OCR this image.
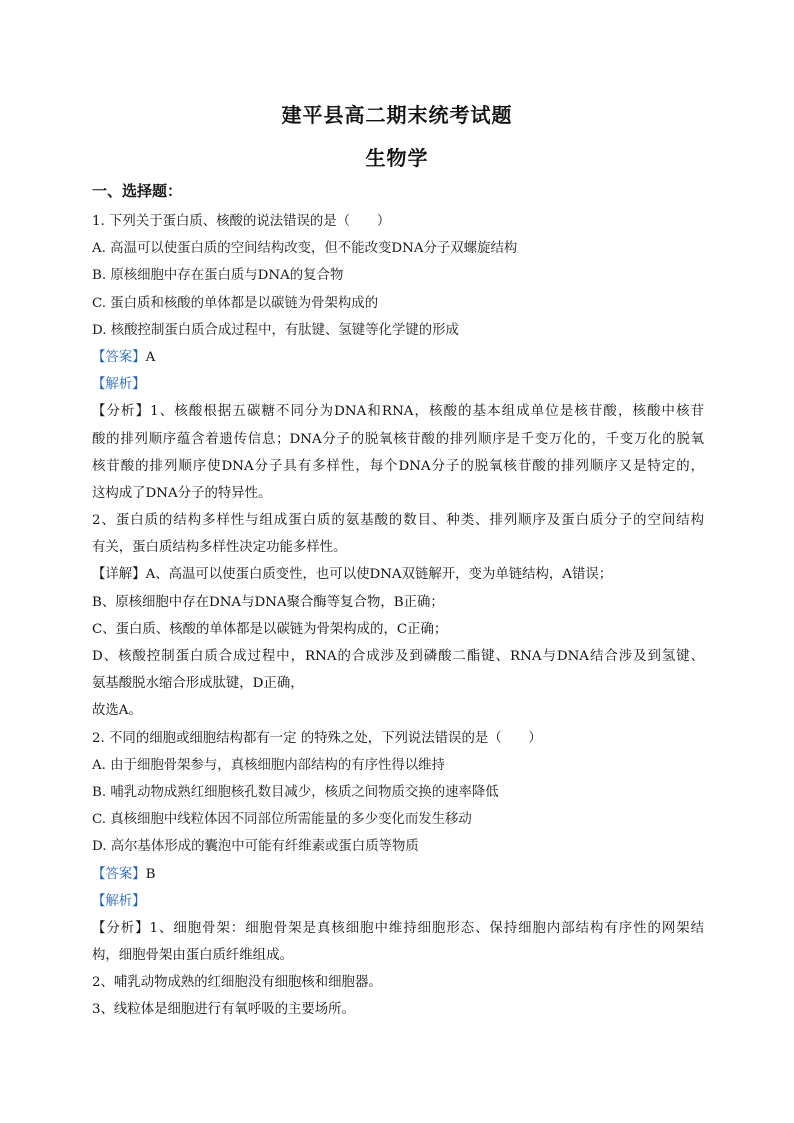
建平县高二期末统考试题
生物学
一、选择题：
1. 下列关于蛋白质、核酸的说法错误的是（　　）
A. 高温可以使蛋白质的空间结构改变，但不能改变DNA分子双螺旋结构
B. 原核细胞中存在蛋白质与DNA的复合物
C. 蛋白质和核酸的单体都是以碳链为骨架构成的
D. 核酸控制蛋白质合成过程中，有肽键、氢键等化学键的形成
【答案】A
【解析】
【分析】1、核酸根据五碳糖不同分为DNA和RNA，核酸的基本组成单位是核苷酸，核酸中核苷
酸的排列顺序蕴含着遗传信息；DNA分子的脱氧核苷酸的排列顺序是千变万化的，千变万化的脱氧
核苷酸的排列顺序使DNA分子具有多样性，每个DNA分子的脱氧核苷酸的排列顺序又是特定的，
这构成了DNA分子的特异性。
2、蛋白质的结构多样性与组成蛋白质的氨基酸的数目、种类、排列顺序及蛋白质分子的空间结构
有关，蛋白质结构多样性决定功能多样性。
【详解】A、高温可以使蛋白质变性，也可以使DNA双链解开，变为单链结构，A错误；
B、原核细胞中存在DNA与DNA聚合酶等复合物，B正确；
C、蛋白质、核酸的单体都是以碳链为骨架构成的，C正确；
D、核酸控制蛋白质合成过程中，RNA的合成涉及到磷酸二酯键、RNA与DNA结合涉及到氢键、
氨基酸脱水缩合形成肽键，D正确，
故选A。
2. 不同的细胞或细胞结构都有一定 的特殊之处，下列说法错误的是（　　）
A. 由于细胞骨架参与，真核细胞内部结构的有序性得以维持
B. 哺乳动物成熟红细胞核孔数目减少，核质之间物质交换的速率降低
C. 真核细胞中线粒体因不同部位所需能量的多少变化而发生移动
D. 高尔基体形成的囊泡中可能有纤维素或蛋白质等物质
【答案】B
【解析】
【分析】1、细胞骨架：细胞骨架是真核细胞中维持细胞形态、保持细胞内部结构有序性的网架结
构，细胞骨架由蛋白质纤维组成。
2、哺乳动物成熟的红细胞没有细胞核和细胞器。
3、线粒体是细胞进行有氧呼吸的主要场所。
